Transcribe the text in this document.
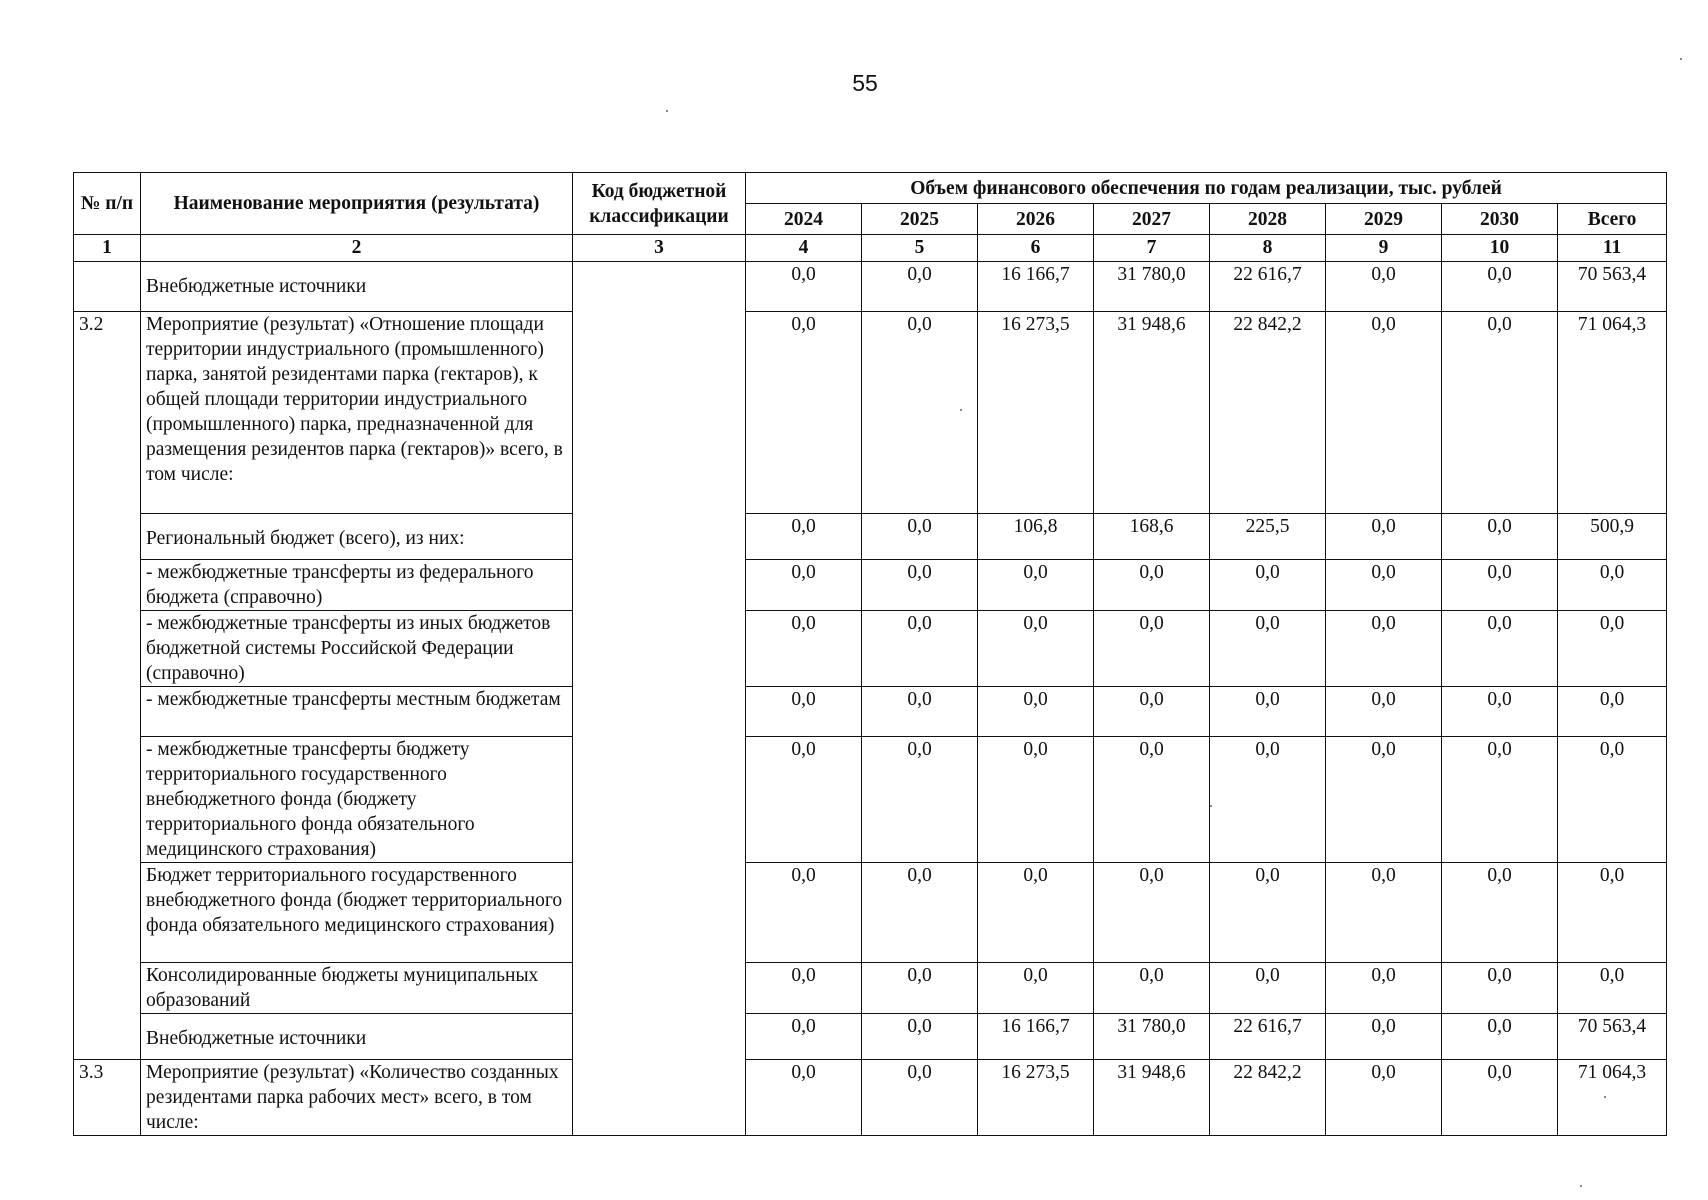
55
№ п/п	Наименование мероприятия (результата)	Код бюджетной классификации	Объем финансового обеспечения по годам реализации, тыс. рублей							
			2024	2025	2026	2027	2028	2029	2030	Всего
1	2	3	4	5	6	7	8	9	10	11
	Внебюджетные источники		0,0	0,0	16 166,7	31 780,0	22 616,7	0,0	0,0	70 563,4
3.2	Мероприятие (результат) «Отношение площади территории индустриального (промышленного) парка, занятой резидентами парка (гектаров), к общей площади территории индустриального (промышленного) парка, предназначенной для размещения резидентов парка (гектаров)» всего, в том числе:		0,0	0,0	16 273,5	31 948,6	22 842,2	0,0	0,0	71 064,3
	Региональный бюджет (всего), из них:		0,0	0,0	106,8	168,6	225,5	0,0	0,0	500,9
	- межбюджетные трансферты из федерального бюджета (справочно)		0,0	0,0	0,0	0,0	0,0	0,0	0,0	0,0
	- межбюджетные трансферты из иных бюджетов бюджетной системы Российской Федерации (справочно)		0,0	0,0	0,0	0,0	0,0	0,0	0,0	0,0
	- межбюджетные трансферты местным бюджетам		0,0	0,0	0,0	0,0	0,0	0,0	0,0	0,0
	- межбюджетные трансферты бюджету территориального государственного внебюджетного фонда (бюджету территориального фонда обязательного медицинского страхования)		0,0	0,0	0,0	0,0	0,0	0,0	0,0	0,0
	Бюджет территориального государственного внебюджетного фонда (бюджет территориального фонда обязательного медицинского страхования)		0,0	0,0	0,0	0,0	0,0	0,0	0,0	0,0
	Консолидированные бюджеты муниципальных образований		0,0	0,0	0,0	0,0	0,0	0,0	0,0	0,0
	Внебюджетные источники		0,0	0,0	16 166,7	31 780,0	22 616,7	0,0	0,0	70 563,4
3.3	Мероприятие (результат) «Количество созданных резидентами парка рабочих мест» всего, в том числе:		0,0	0,0	16 273,5	31 948,6	22 842,2	0,0	0,0	71 064,3
